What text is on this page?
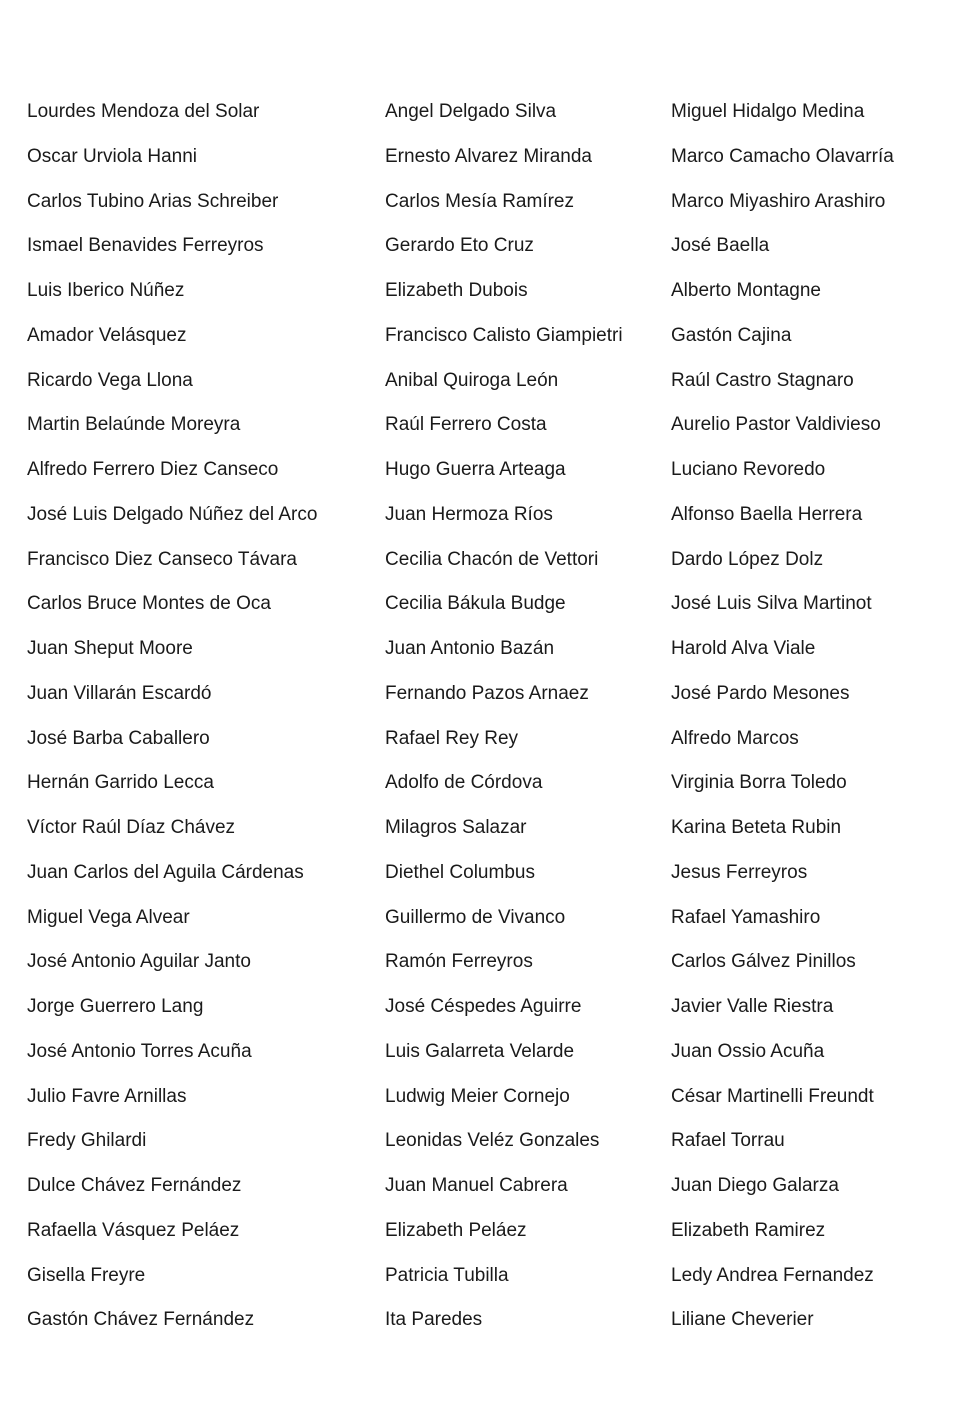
Lourdes Mendoza del Solar
Oscar Urviola Hanni
Carlos Tubino Arias Schreiber
Ismael Benavides Ferreyros
Luis Iberico Núñez
Amador Velásquez
Ricardo Vega Llona
Martin Belaúnde Moreyra
Alfredo Ferrero Diez Canseco
José Luis Delgado Núñez del Arco
Francisco Diez Canseco Távara
Carlos Bruce Montes de Oca
Juan Sheput Moore
Juan Villarán Escardó
José Barba Caballero
Hernán Garrido Lecca
Víctor Raúl Díaz Chávez
Juan Carlos del Aguila Cárdenas
Miguel Vega Alvear
José Antonio Aguilar Janto
Jorge Guerrero Lang
José Antonio Torres Acuña
Julio Favre Arnillas
Fredy Ghilardi
Dulce Chávez Fernández
Rafaella Vásquez Peláez
Gisella Freyre
Gastón Chávez Fernández
Angel Delgado Silva
Ernesto Alvarez Miranda
Carlos Mesía Ramírez
Gerardo Eto Cruz
Elizabeth Dubois
Francisco Calisto Giampietri
Anibal Quiroga León
Raúl Ferrero Costa
Hugo Guerra Arteaga
Juan Hermoza Ríos
Cecilia Chacón de Vettori
Cecilia Bákula Budge
Juan Antonio Bazán
Fernando Pazos Arnaez
Rafael Rey Rey
Adolfo de Córdova
Milagros Salazar
Diethel Columbus
Guillermo de Vivanco
Ramón Ferreyros
José Céspedes Aguirre
Luis Galarreta Velarde
Ludwig Meier Cornejo
Leonidas Veléz Gonzales
Juan Manuel Cabrera
Elizabeth Peláez
Patricia Tubilla
Ita Paredes
Miguel Hidalgo Medina
Marco Camacho Olavarría
Marco Miyashiro Arashiro
José Baella
Alberto Montagne
Gastón Cajina
Raúl Castro Stagnaro
Aurelio Pastor Valdivieso
Luciano Revoredo
Alfonso Baella Herrera
Dardo López Dolz
José Luis Silva Martinot
Harold Alva Viale
José Pardo Mesones
Alfredo Marcos
Virginia Borra Toledo
Karina Beteta Rubin
Jesus Ferreyros
Rafael Yamashiro
Carlos Gálvez Pinillos
Javier Valle Riestra
Juan Ossio Acuña
César Martinelli Freundt
Rafael Torrau
Juan Diego Galarza
Elizabeth Ramirez
Ledy Andrea Fernandez
Liliane Cheverier
